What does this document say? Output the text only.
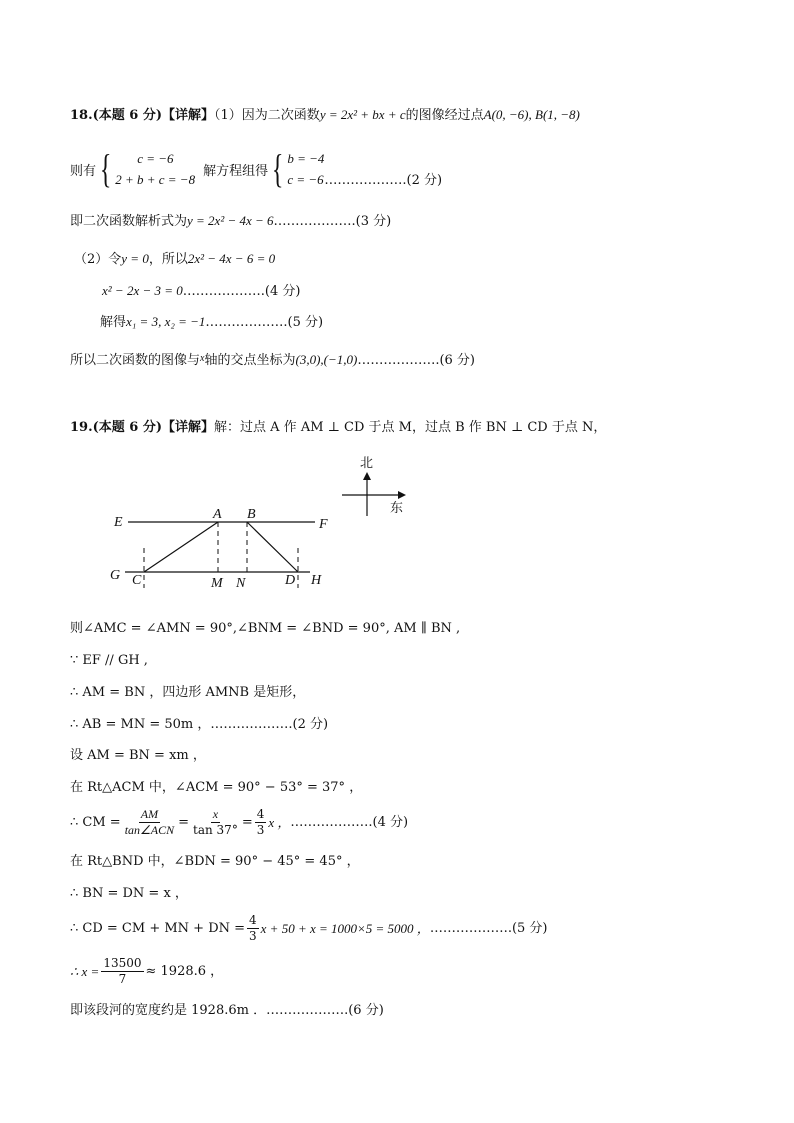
18.(本题 6 分)【详解】（1）因为二次函数y = 2x² + bx + c的图像经过点A(0, −6), B(1, −8)
则有 {	c = −6
2 + b + c = −8
解方程组得 { b = −4
c = −6 ……………….(2 分)
即二次函数解析式为y = 2x² − 4x − 6……………….(3 分)
（2）令y = 0，所以2x² − 4x − 6 = 0
x² − 2x − 3 = 0……………….(4 分)
解得x₁ = 3, x₂ = −1……………….(5 分)
所以二次函数的图像与$^x$轴的交点坐标为(3,0),(−1,0)……………….(6 分)
19.(本题 6 分)【详解】解：过点 A 作 AM ⊥ CD 于点 M，过点 B 作 BN ⊥ CD 于点 N，
北
东
E
A B
F
G C	M N	D H
则∠AMC = ∠AMN = 90°,∠BNM = ∠BND = 90°, AM ∥ BN ,
∵ EF // GH ,
∴ AM = BN ，四边形 AMNB 是矩形，
∴ AB = MN = 50m ，……………….(2 分)
设 AM = BN = xm ，
在 Rt△ACM 中，∠ACM = 90° − 53° = 37° ，
∴ CM = $\frac{AM}{\text{tan∠ACN}} = \frac{x}{\tan 37^\circ} = \frac{4}{3}$ x ， ……………….(4 分)
在 Rt△BND 中，∠BDN = 90° − 45° = 45° ，
∴ BN = DN = x ，
∴ CD = CM + MN + DN = $\frac{4}{3}$ x + 50 + x = 1000×5 = 5000 ， ……………….(5 分)
∴ $x = \frac{13500}{7} \approx 1928.6$ ，
即该段河的宽度约是 1928.6m ．……………….(6 分)
